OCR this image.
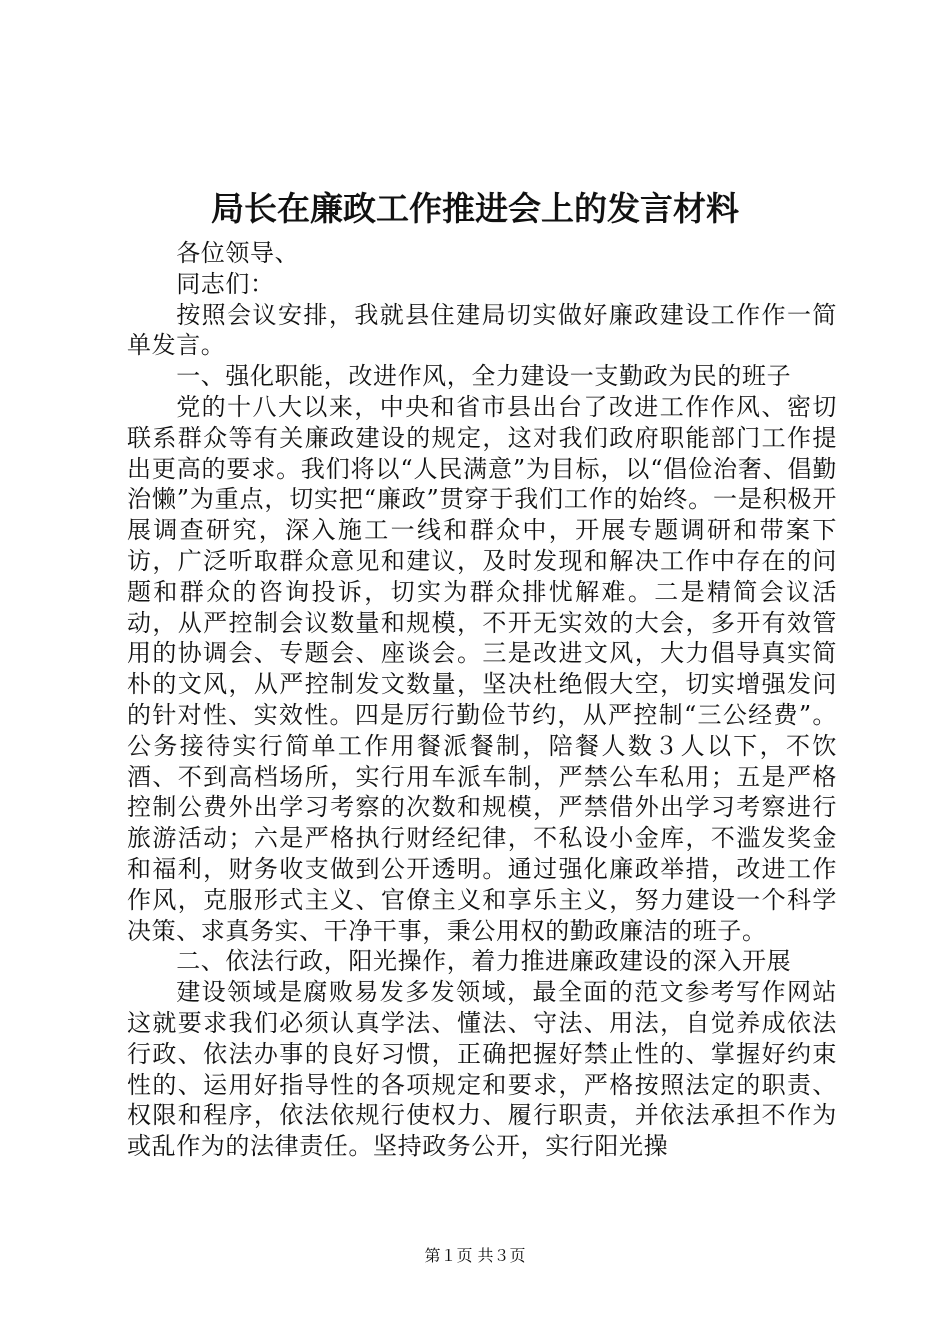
局长在廉政工作推进会上的发言材料

各位领导、

同志们：

按照会议安排，我就县住建局切实做好廉政建设工作作一简单发言。

一、强化职能，改进作风，全力建设一支勤政为民的班子

党的十八大以来，中央和省市县出台了改进工作作风、密切联系群众等有关廉政建设的规定，这对我们政府职能部门工作提出更高的要求。我们将以“人民满意”为目标，以“倡俭治奢、倡勤治懒”为重点，切实把“廉政”贯穿于我们工作的始终。一是积极开展调查研究，深入施工一线和群众中，开展专题调研和带案下访，广泛听取群众意见和建议，及时发现和解决工作中存在的问题和群众的咨询投诉，切实为群众排忧解难。二是精简会议活动，从严控制会议数量和规模，不开无实效的大会，多开有效管用的协调会、专题会、座谈会。三是改进文风，大力倡导真实简朴的文风，从严控制发文数量，坚决杜绝假大空，切实增强发问的针对性、实效性。四是厉行勤俭节约，从严控制“三公经费”。公务接待实行简单工作用餐派餐制，陪餐人数３人以下，不饮酒、不到高档场所，实行用车派车制，严禁公车私用；五是严格控制公费外出学习考察的次数和规模，严禁借外出学习考察进行旅游活动；六是严格执行财经纪律，不私设小金库，不滥发奖金和福利，财务收支做到公开透明。通过强化廉政举措，改进工作作风，克服形式主义、官僚主义和享乐主义，努力建设一个科学决策、求真务实、干净干事，秉公用权的勤政廉洁的班子。

二、依法行政，阳光操作，着力推进廉政建设的深入开展

建设领域是腐败易发多发领域，最全面的范文参考写作网站这就要求我们必须认真学法、懂法、守法、用法，自觉养成依法行政、依法办事的良好习惯，正确把握好禁止性的、掌握好约束性的、运用好指导性的各项规定和要求，严格按照法定的职责、权限和程序，依法依规行使权力、履行职责，并依法承担不作为或乱作为的法律责任。坚持政务公开，实行阳光操

第１页 共３页
